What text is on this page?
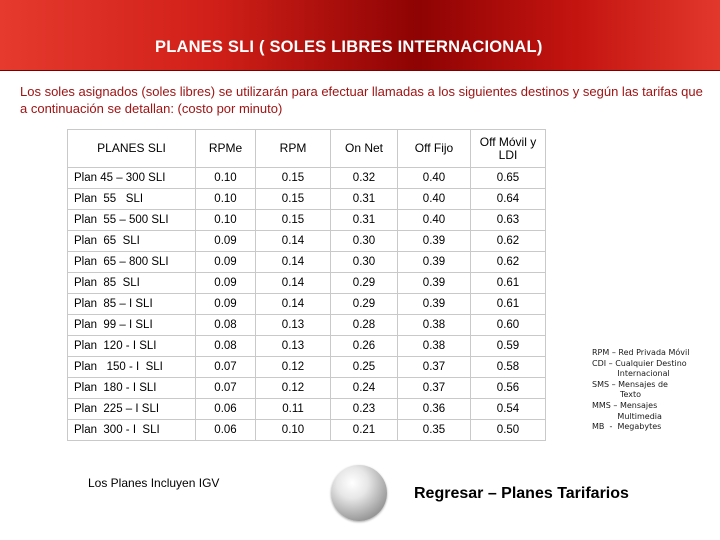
PLANES SLI ( SOLES LIBRES INTERNACIONAL)
Los soles asignados (soles libres) se utilizarán para efectuar llamadas a los siguientes destinos y según las tarifas que a continuación se detallan: (costo por minuto)
PLANES SLI	RPMe	RPM	On Net	Off Fijo	Off Móvil y LDI
Plan 45 – 300 SLI	0.10	0.15	0.32	0.40	0.65
Plan  55   SLI	0.10	0.15	0.31	0.40	0.64
Plan  55 – 500 SLI	0.10	0.15	0.31	0.40	0.63
Plan  65  SLI	0.09	0.14	0.30	0.39	0.62
Plan  65 – 800 SLI	0.09	0.14	0.30	0.39	0.62
Plan  85  SLI	0.09	0.14	0.29	0.39	0.61
Plan  85 – I SLI	0.09	0.14	0.29	0.39	0.61
Plan  99 – I SLI	0.08	0.13	0.28	0.38	0.60
Plan  120 - I SLI	0.08	0.13	0.26	0.38	0.59
Plan   150 - I  SLI	0.07	0.12	0.25	0.37	0.58
Plan  180 - I SLI	0.07	0.12	0.24	0.37	0.56
Plan  225 – I SLI	0.06	0.11	0.23	0.36	0.54
Plan  300 - I  SLI	0.06	0.10	0.21	0.35	0.50
RPM – Red Privada Móvil
CDI – Cualquier Destino
Internacional
SMS – Mensajes de
Texto
MMS – Mensajes
Multimedia
MB  -  Megabytes
Los Planes Incluyen IGV
Regresar – Planes Tarifarios
